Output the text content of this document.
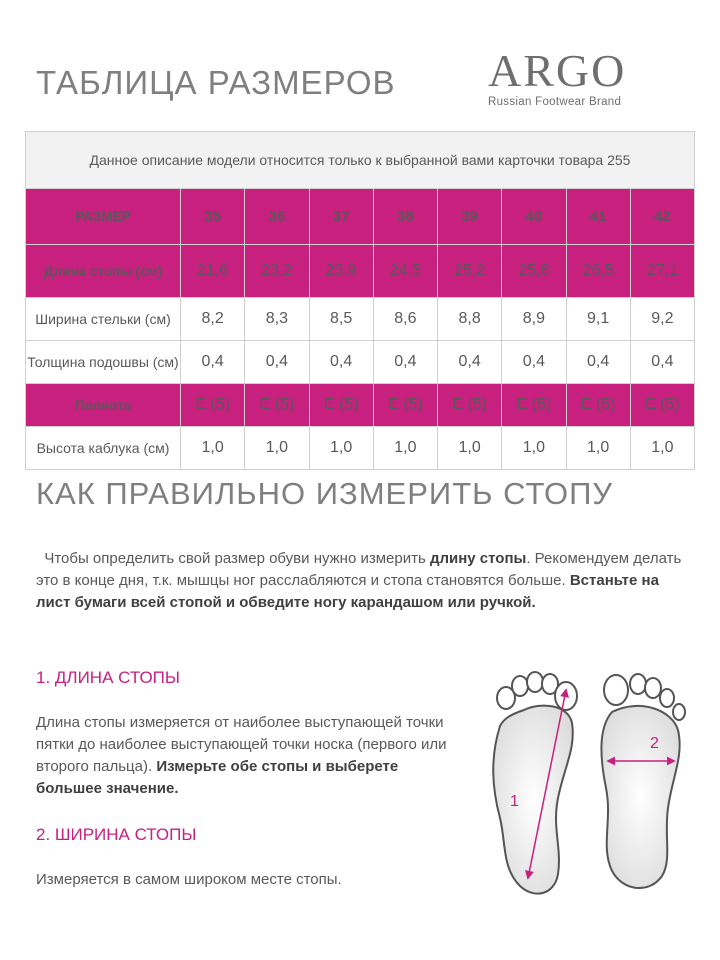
ТАБЛИЦА РАЗМЕРОВ ARGO
Russian Footwear Brand
Данное описание модели относится только к выбранной вами карточки товара 255								
РАЗМЕР	35	36	37	38	39	40	41	42
Длина стопы (см)	21,6	23,2	23,9	24,5	25,2	25,8	26,5	27,1
Ширина стельки (см)	8,2	8,3	8,5	8,6	8,8	8,9	9,1	9,2
Толщина подошвы (см)	0,4	0,4	0,4	0,4	0,4	0,4	0,4	0,4
Полнота	E (5)	E (5)	E (5)	E (5)	E (5)	E (5)	E (5)	E (5)
Высота каблука (см)	1,0	1,0	1,0	1,0	1,0	1,0	1,0	1,0
КАК ПРАВИЛЬНО ИЗМЕРИТЬ СТОПУ
Чтобы определить свой размер обуви нужно измерить длину стопы. Рекомендуем делать это в конце дня, т.к. мышцы ног расслабляются и стопа становятся больше. Встаньте на лист бумаги всей стопой и обведите ногу карандашом или ручкой.
1. ДЛИНА СТОПЫ
Длина стопы измеряется от наиболее выступающей точки пятки до наиболее выступающей точки носка (первого или второго пальца). Измерьте обе стопы и выберете большее значение.
2. ШИРИНА СТОПЫ
Измеряется в самом широком месте стопы.
1
2
